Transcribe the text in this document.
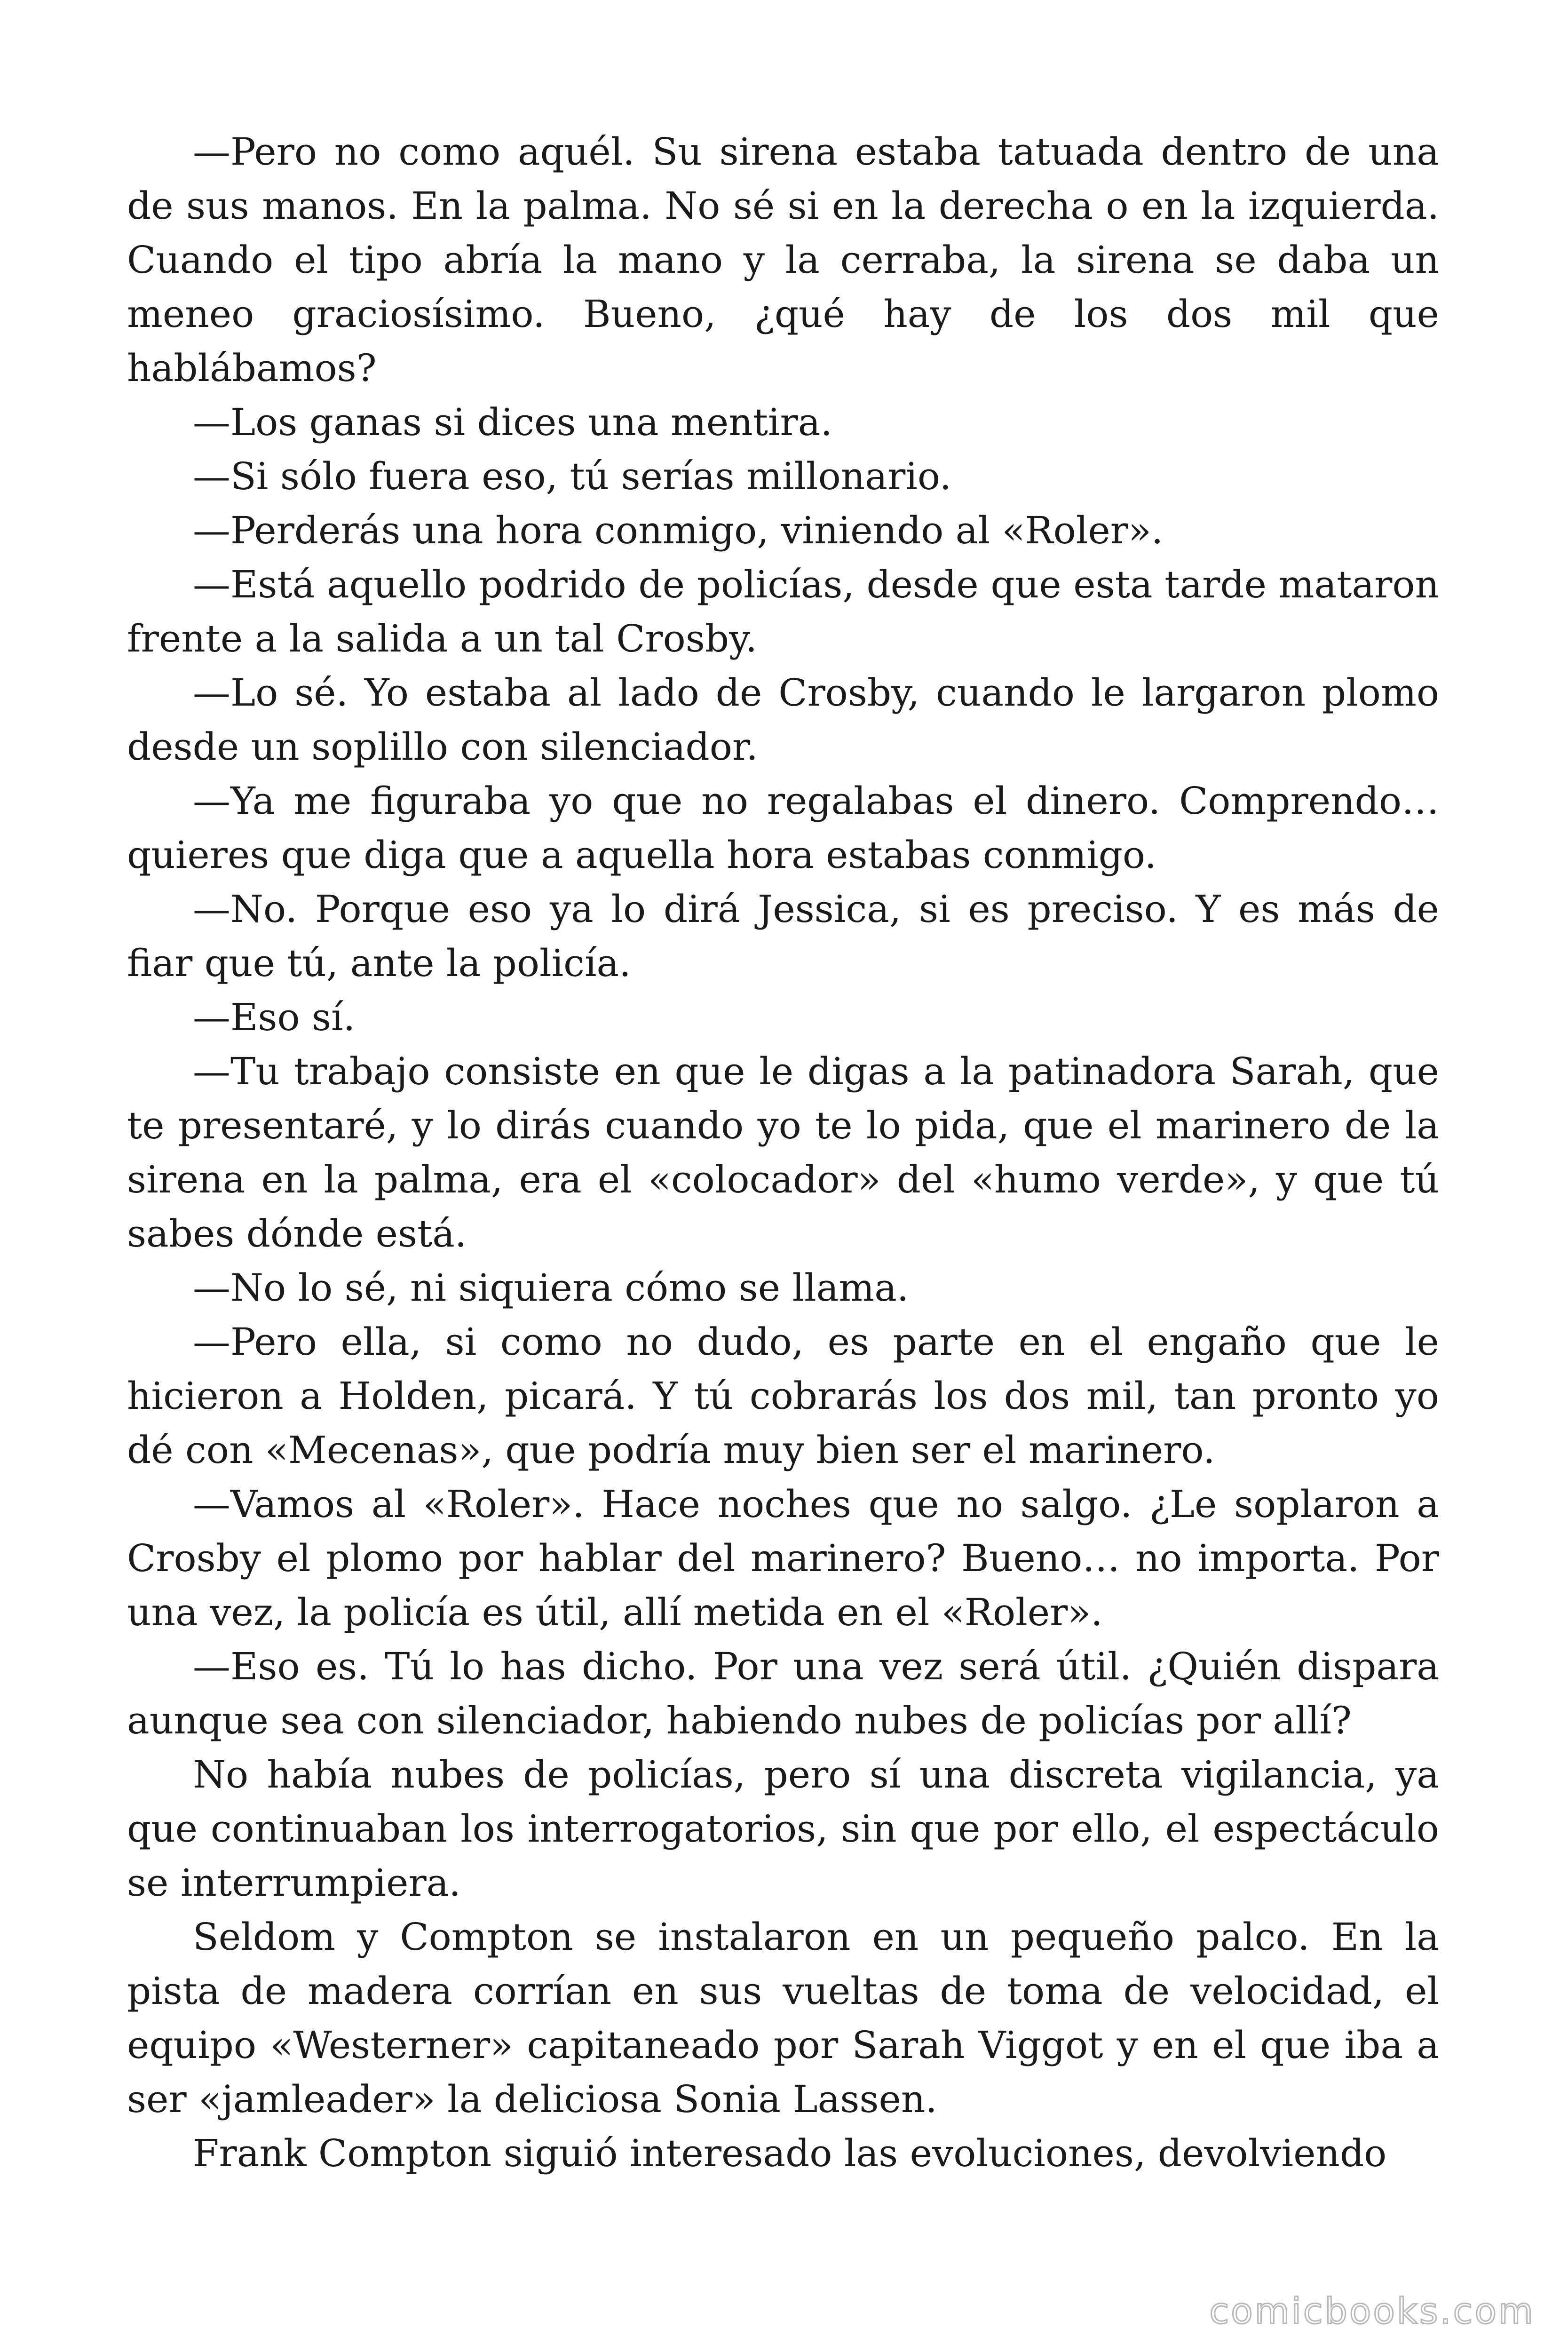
—Pero no como aquél. Su sirena estaba tatuada dentro de una de sus manos. En la palma. No sé si en la derecha o en la izquierda. Cuando el tipo abría la mano y la cerraba, la sirena se daba un meneo graciosísimo. Bueno, ¿qué hay de los dos mil que hablábamos?

—Los ganas si dices una mentira.

—Si sólo fuera eso, tú serías millonario.

—Perderás una hora conmigo, viniendo al «Roler».

—Está aquello podrido de policías, desde que esta tarde mataron frente a la salida a un tal Crosby.

—Lo sé. Yo estaba al lado de Crosby, cuando le largaron plomo desde un soplillo con silenciador.

—Ya me figuraba yo que no regalabas el dinero. Comprendo… quieres que diga que a aquella hora estabas conmigo.

—No. Porque eso ya lo dirá Jessica, si es preciso. Y es más de fiar que tú, ante la policía.

—Eso sí.

—Tu trabajo consiste en que le digas a la patinadora Sarah, que te presentaré, y lo dirás cuando yo te lo pida, que el marinero de la sirena en la palma, era el «colocador» del «humo verde», y que tú sabes dónde está.

—No lo sé, ni siquiera cómo se llama.

—Pero ella, si como no dudo, es parte en el engaño que le hicieron a Holden, picará. Y tú cobrarás los dos mil, tan pronto yo dé con «Mecenas», que podría muy bien ser el marinero.

—Vamos al «Roler». Hace noches que no salgo. ¿Le soplaron a Crosby el plomo por hablar del marinero? Bueno… no importa. Por una vez, la policía es útil, allí metida en el «Roler».

—Eso es. Tú lo has dicho. Por una vez será útil. ¿Quién dispara aunque sea con silenciador, habiendo nubes de policías por allí?

No había nubes de policías, pero sí una discreta vigilancia, ya que continuaban los interrogatorios, sin que por ello, el espectáculo se interrumpiera.

Seldom y Compton se instalaron en un pequeño palco. En la pista de madera corrían en sus vueltas de toma de velocidad, el equipo «Westerner» capitaneado por Sarah Viggot y en el que iba a ser «jamleader» la deliciosa Sonia Lassen.

Frank Compton siguió interesado las evoluciones, devolviendo

comicbooks.com
